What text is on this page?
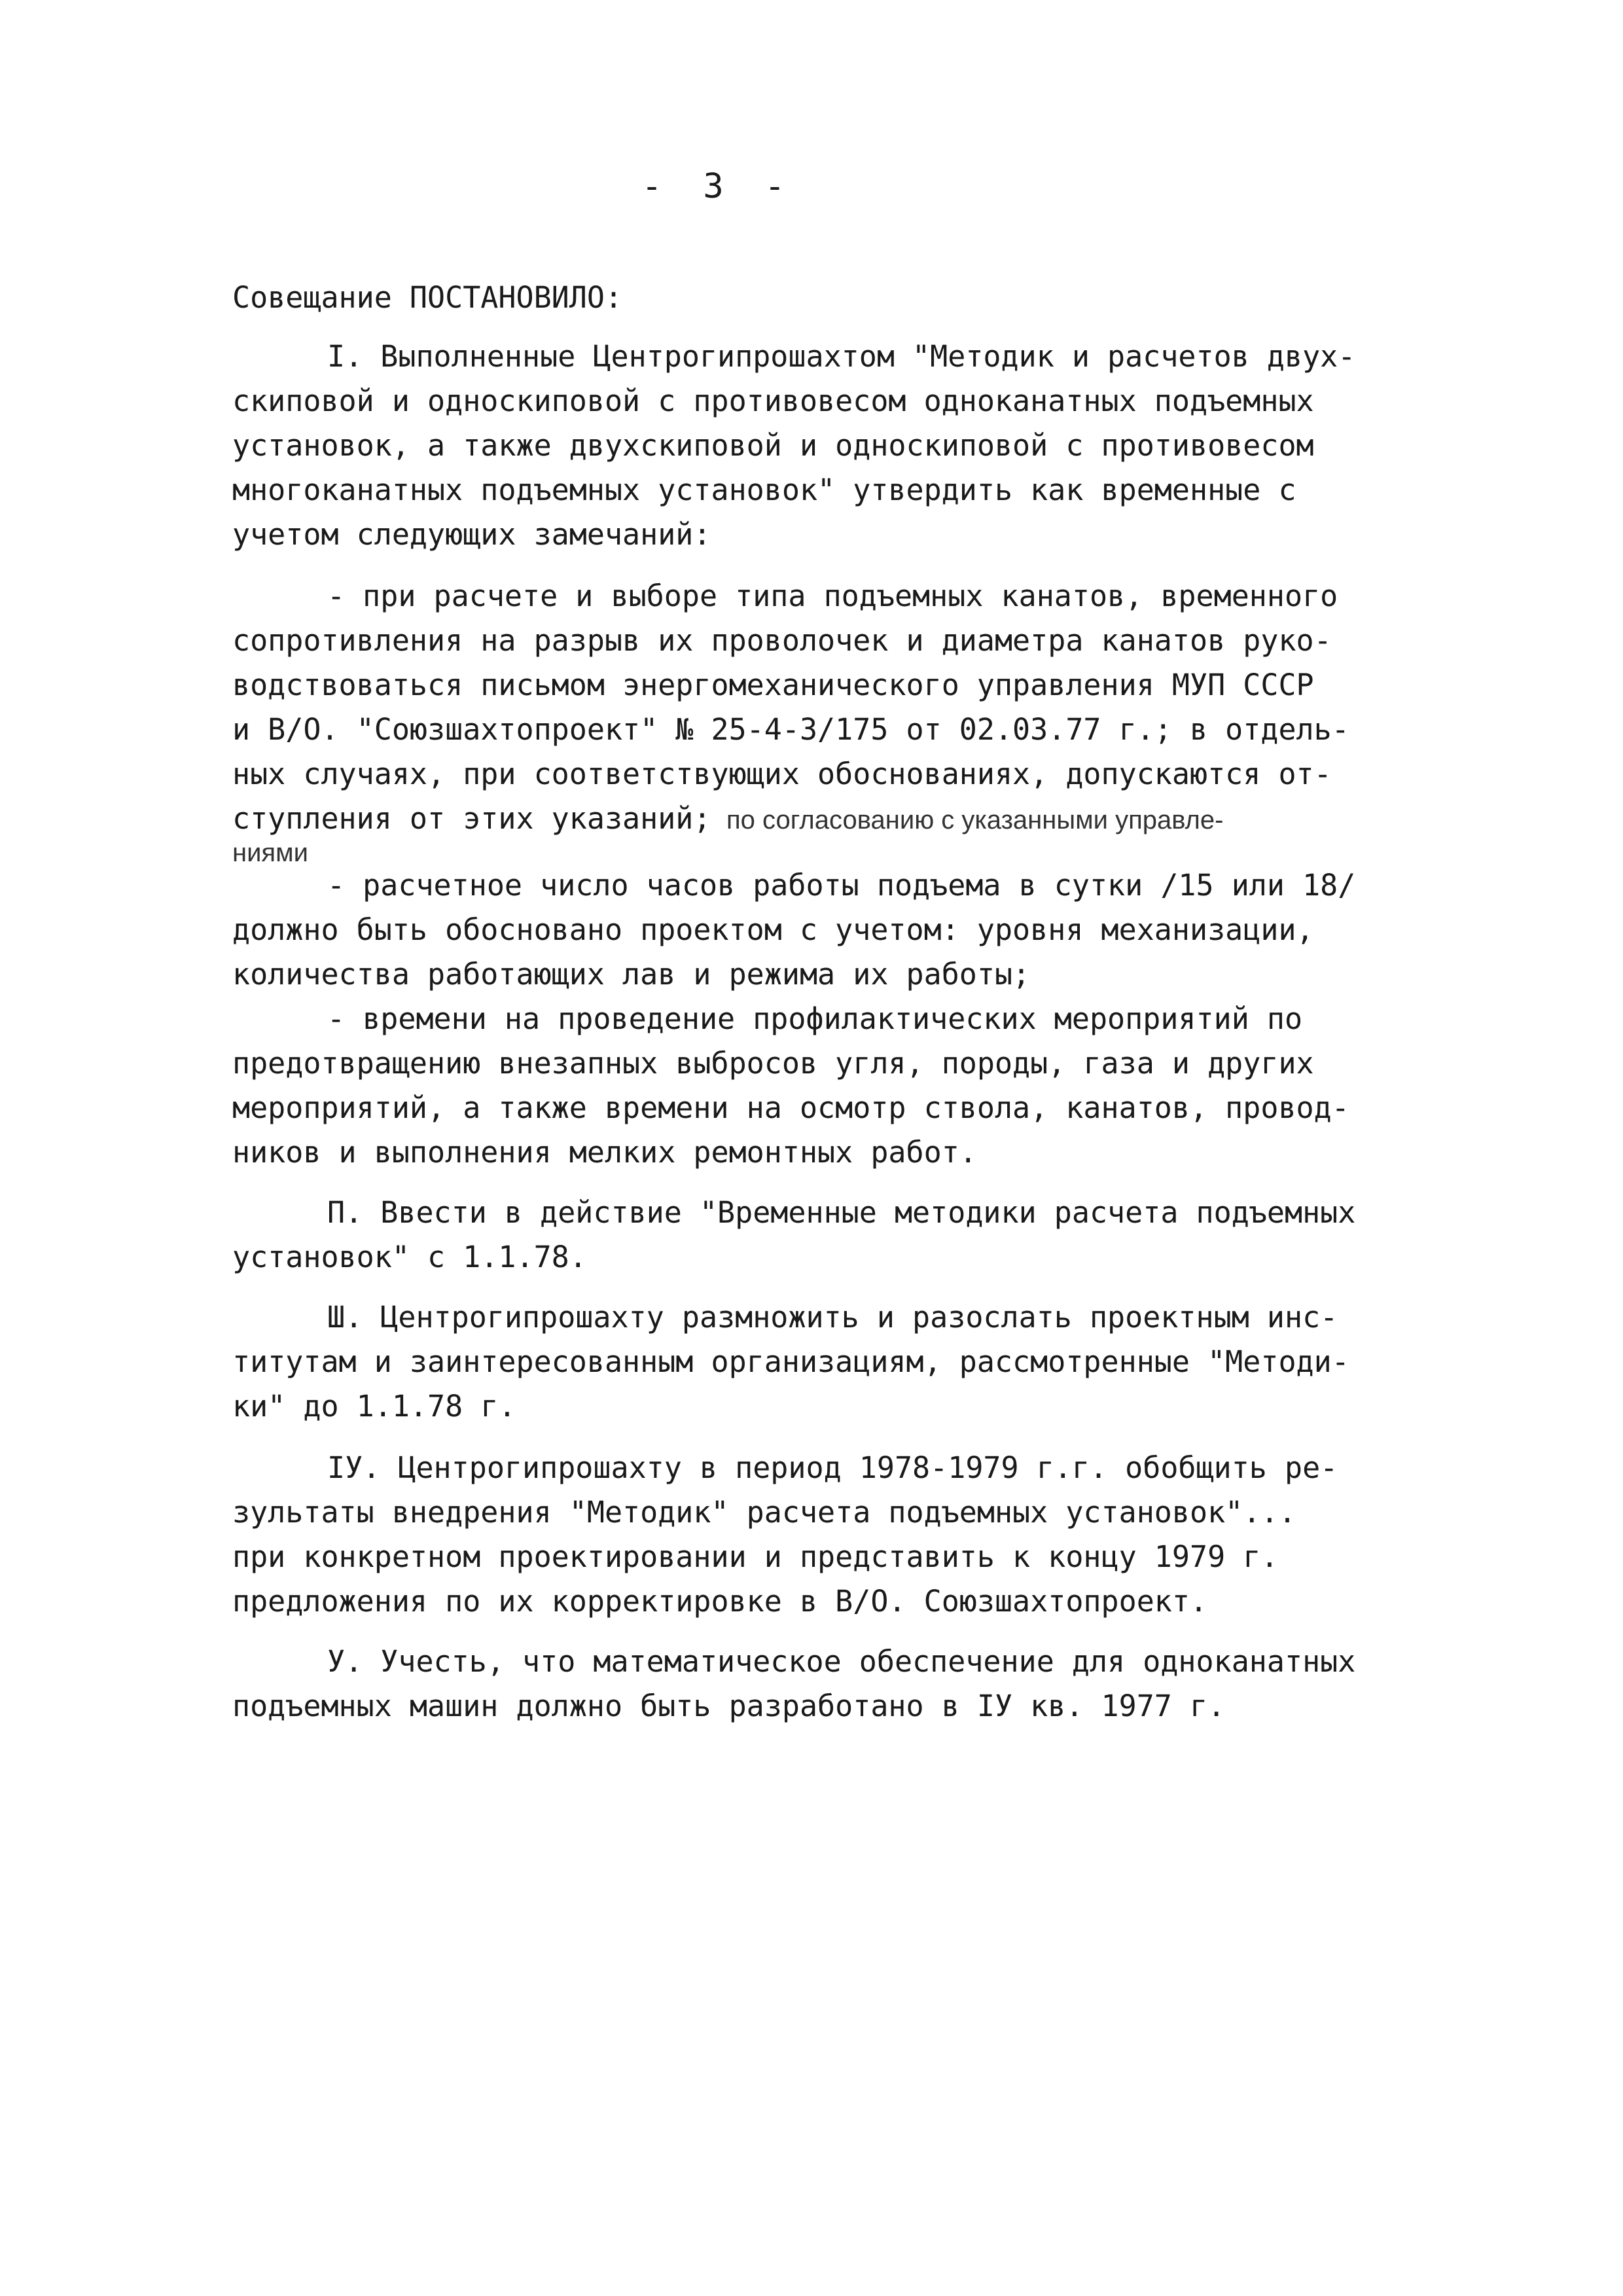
-  3  -
Совещание ПОСТАНОВИЛО:
I. Выполненные Центрогипрошахтом "Методик и расчетов двух-
скиповой и односкиповой с противовесом одноканатных подъемных
установок, а также двухскиповой и односкиповой с противовесом
многоканатных подъемных установок" утвердить как временные с
учетом следующих замечаний:
- при расчете и выборе типа подъемных канатов, временного
сопротивления на разрыв их проволочек и диаметра канатов руко-
водствоваться письмом энергомеханического управления МУП СССР
и В/О. "Союзшахтопроект" № 25-4-3/175 от 02.03.77 г.; в отдель-
ных случаях, при соответствующих обоснованиях, допускаются от-
ступления от этих указаний; по согласованию с указанными управле-
ниями
- расчетное число часов работы подъема в сутки /15 или 18/
должно быть обосновано проектом с учетом: уровня механизации,
количества работающих лав и режима их работы;
- времени на проведение профилактических мероприятий по
предотвращению внезапных выбросов угля, породы, газа и других
мероприятий, а также времени на осмотр ствола, канатов, провод-
ников и выполнения мелких ремонтных работ.
П. Ввести в действие "Временные методики расчета подъемных
установок" с 1.1.78.
Ш. Центрогипрошахту размножить и разослать проектным инс-
титутам и заинтересованным организациям, рассмотренные "Методи-
ки" до 1.1.78 г.
IУ. Центрогипрошахту в период 1978-1979 г.г. обобщить ре-
зультаты внедрения "Методик" расчета подъемных установок"...
при конкретном проектировании и представить к концу 1979 г.
предложения по их корректировке в В/О. Союзшахтопроект.
У. Учесть, что математическое обеспечение для одноканатных
подъемных машин должно быть разработано в IУ кв. 1977 г.
